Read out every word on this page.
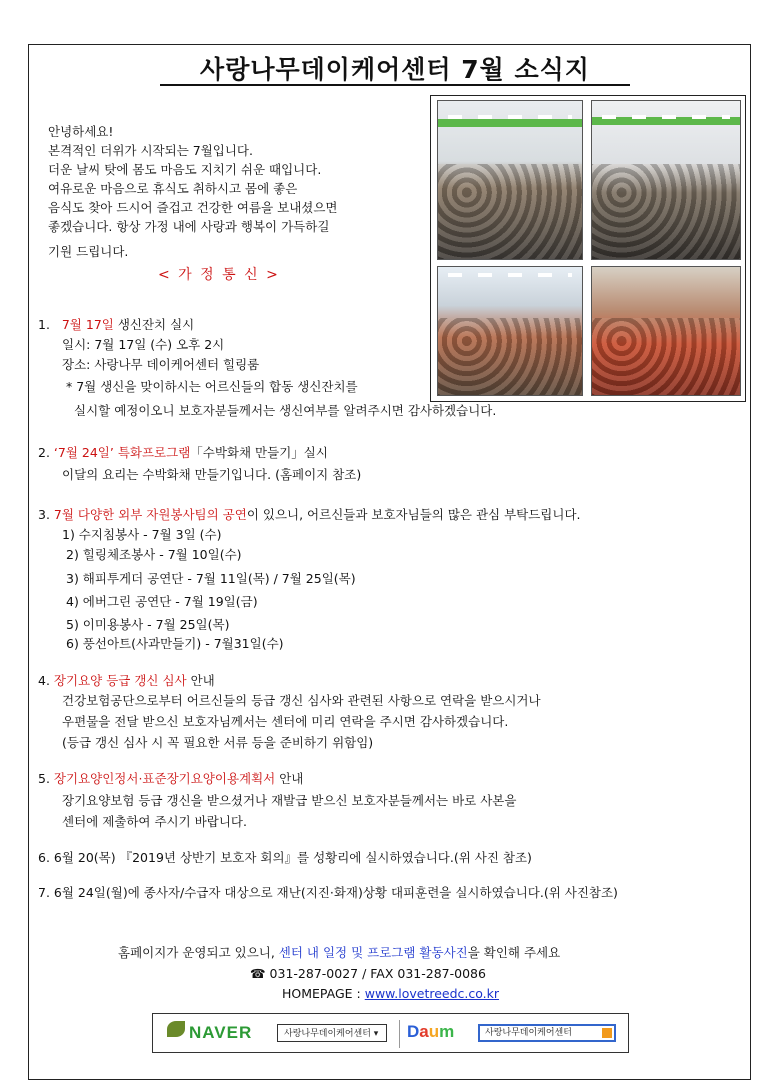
사랑나무데이케어센터 7월 소식지
안녕하세요!
본격적인 더위가 시작되는 7월입니다.
더운 날씨 탓에 몸도 마음도 지치기 쉬운 때입니다.
여유로운 마음으로 휴식도 취하시고 몸에 좋은
음식도 찾아 드시어 즐겁고 건강한 여름을 보내셨으면
좋겠습니다. 항상 가정 내에 사랑과 행복이 가득하길
기원 드립니다.
< 가 정 통 신 >
1. 7월 17일 생신잔치 실시
일시: 7월 17일 (수) 오후 2시
장소: 사랑나무 데이케어센터 힐링룸
* 7월 생신을 맞이하시는 어르신들의 합동 생신잔치를
실시할 예정이오니 보호자분들께서는 생신여부를 알려주시면 감사하겠습니다.
2. ‘7월 24일’ 특화프로그램「수박화채 만들기」실시
이달의 요리는 수박화채 만들기입니다. (홈페이지 참조)
3. 7월 다양한 외부 자원봉사팀의 공연이 있으니, 어르신들과 보호자님들의 많은 관심 부탁드립니다.
1) 수지침봉사 - 7월 3일 (수)
2) 힐링체조봉사 - 7월 10일(수)
3) 해피투게더 공연단 - 7월 11일(목) / 7월 25일(목)
4) 에버그린 공연단 - 7월 19일(금)
5) 이미용봉사 - 7월 25일(목)
6) 풍선아트(사과만들기) - 7월31일(수)
4. 장기요양 등급 갱신 심사 안내
건강보험공단으로부터 어르신들의 등급 갱신 심사와 관련된 사항으로 연락을 받으시거나
우편물을 전달 받으신 보호자님께서는 센터에 미리 연락을 주시면 감사하겠습니다.
(등급 갱신 심사 시 꼭 필요한 서류 등을 준비하기 위함임)
5. 장기요양인정서·표준장기요양이용계획서 안내
장기요양보험 등급 갱신을 받으셨거나 재발급 받으신 보호자분들께서는 바로 사본을
센터에 제출하여 주시기 바랍니다.
6. 6월 20(목) 『2019년 상반기 보호자 회의』를 성황리에 실시하였습니다.(위 사진 참조)
7. 6월 24일(월)에 종사자/수급자 대상으로 재난(지진·화재)상황 대피훈련을 실시하였습니다.(위 사진참조)
홈페이지가 운영되고 있으니, 센터 내 일정 및 프로그램 활동사진을 확인해 주세요
☎ 031-287-0027 / FAX 031-287-0086
HOMEPAGE : www.lovetreedc.co.kr
NAVER	사랑나무데이케어센터 ▾	Daum	사랑나무데이케어센터
